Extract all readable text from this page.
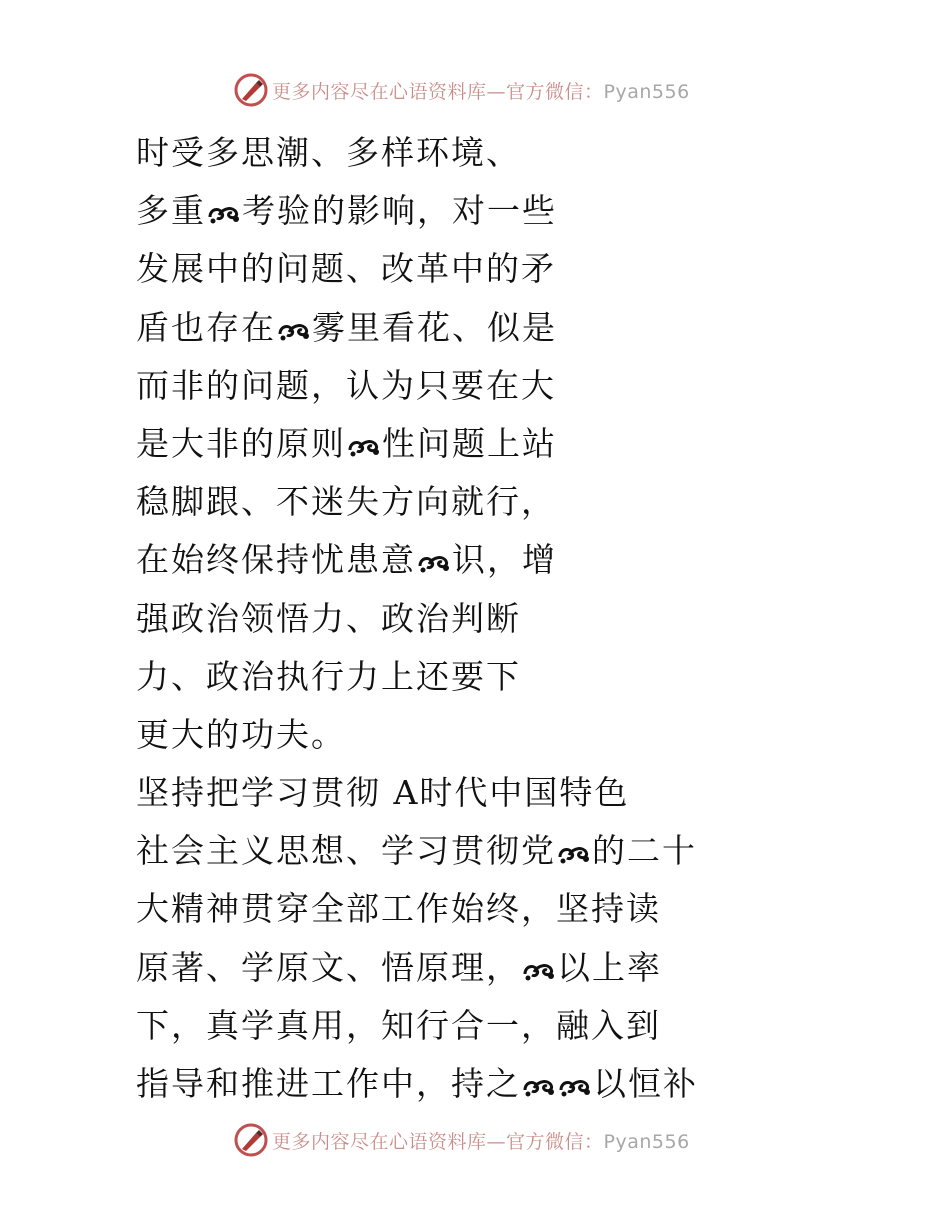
更多内容尽在心语资料库—官方微信：Pyan556
时受多思潮、多样环境、
多重 考验的影响，对一些
发展中的问题、改革中的矛
盾也存在 雾里看花、似是
而非的问题，认为只要在大
是大非的原则 性问题上站
稳脚跟、不迷失方向就行，
在始终保持忧患意 识，增
强政治领悟力、政治判断
力、政治执行力上还要下
更大的功夫。
坚持把学习贯彻 A时代中国特色
社会主义思想、学习贯彻党 的二十
大精神贯穿全部工作始终，坚持读
原著、学原文、悟原理， 以上率
下，真学真用，知行合一，融入到
指导和推进工作中，持之 以恒补
更多内容尽在心语资料库—官方微信：Pyan556
